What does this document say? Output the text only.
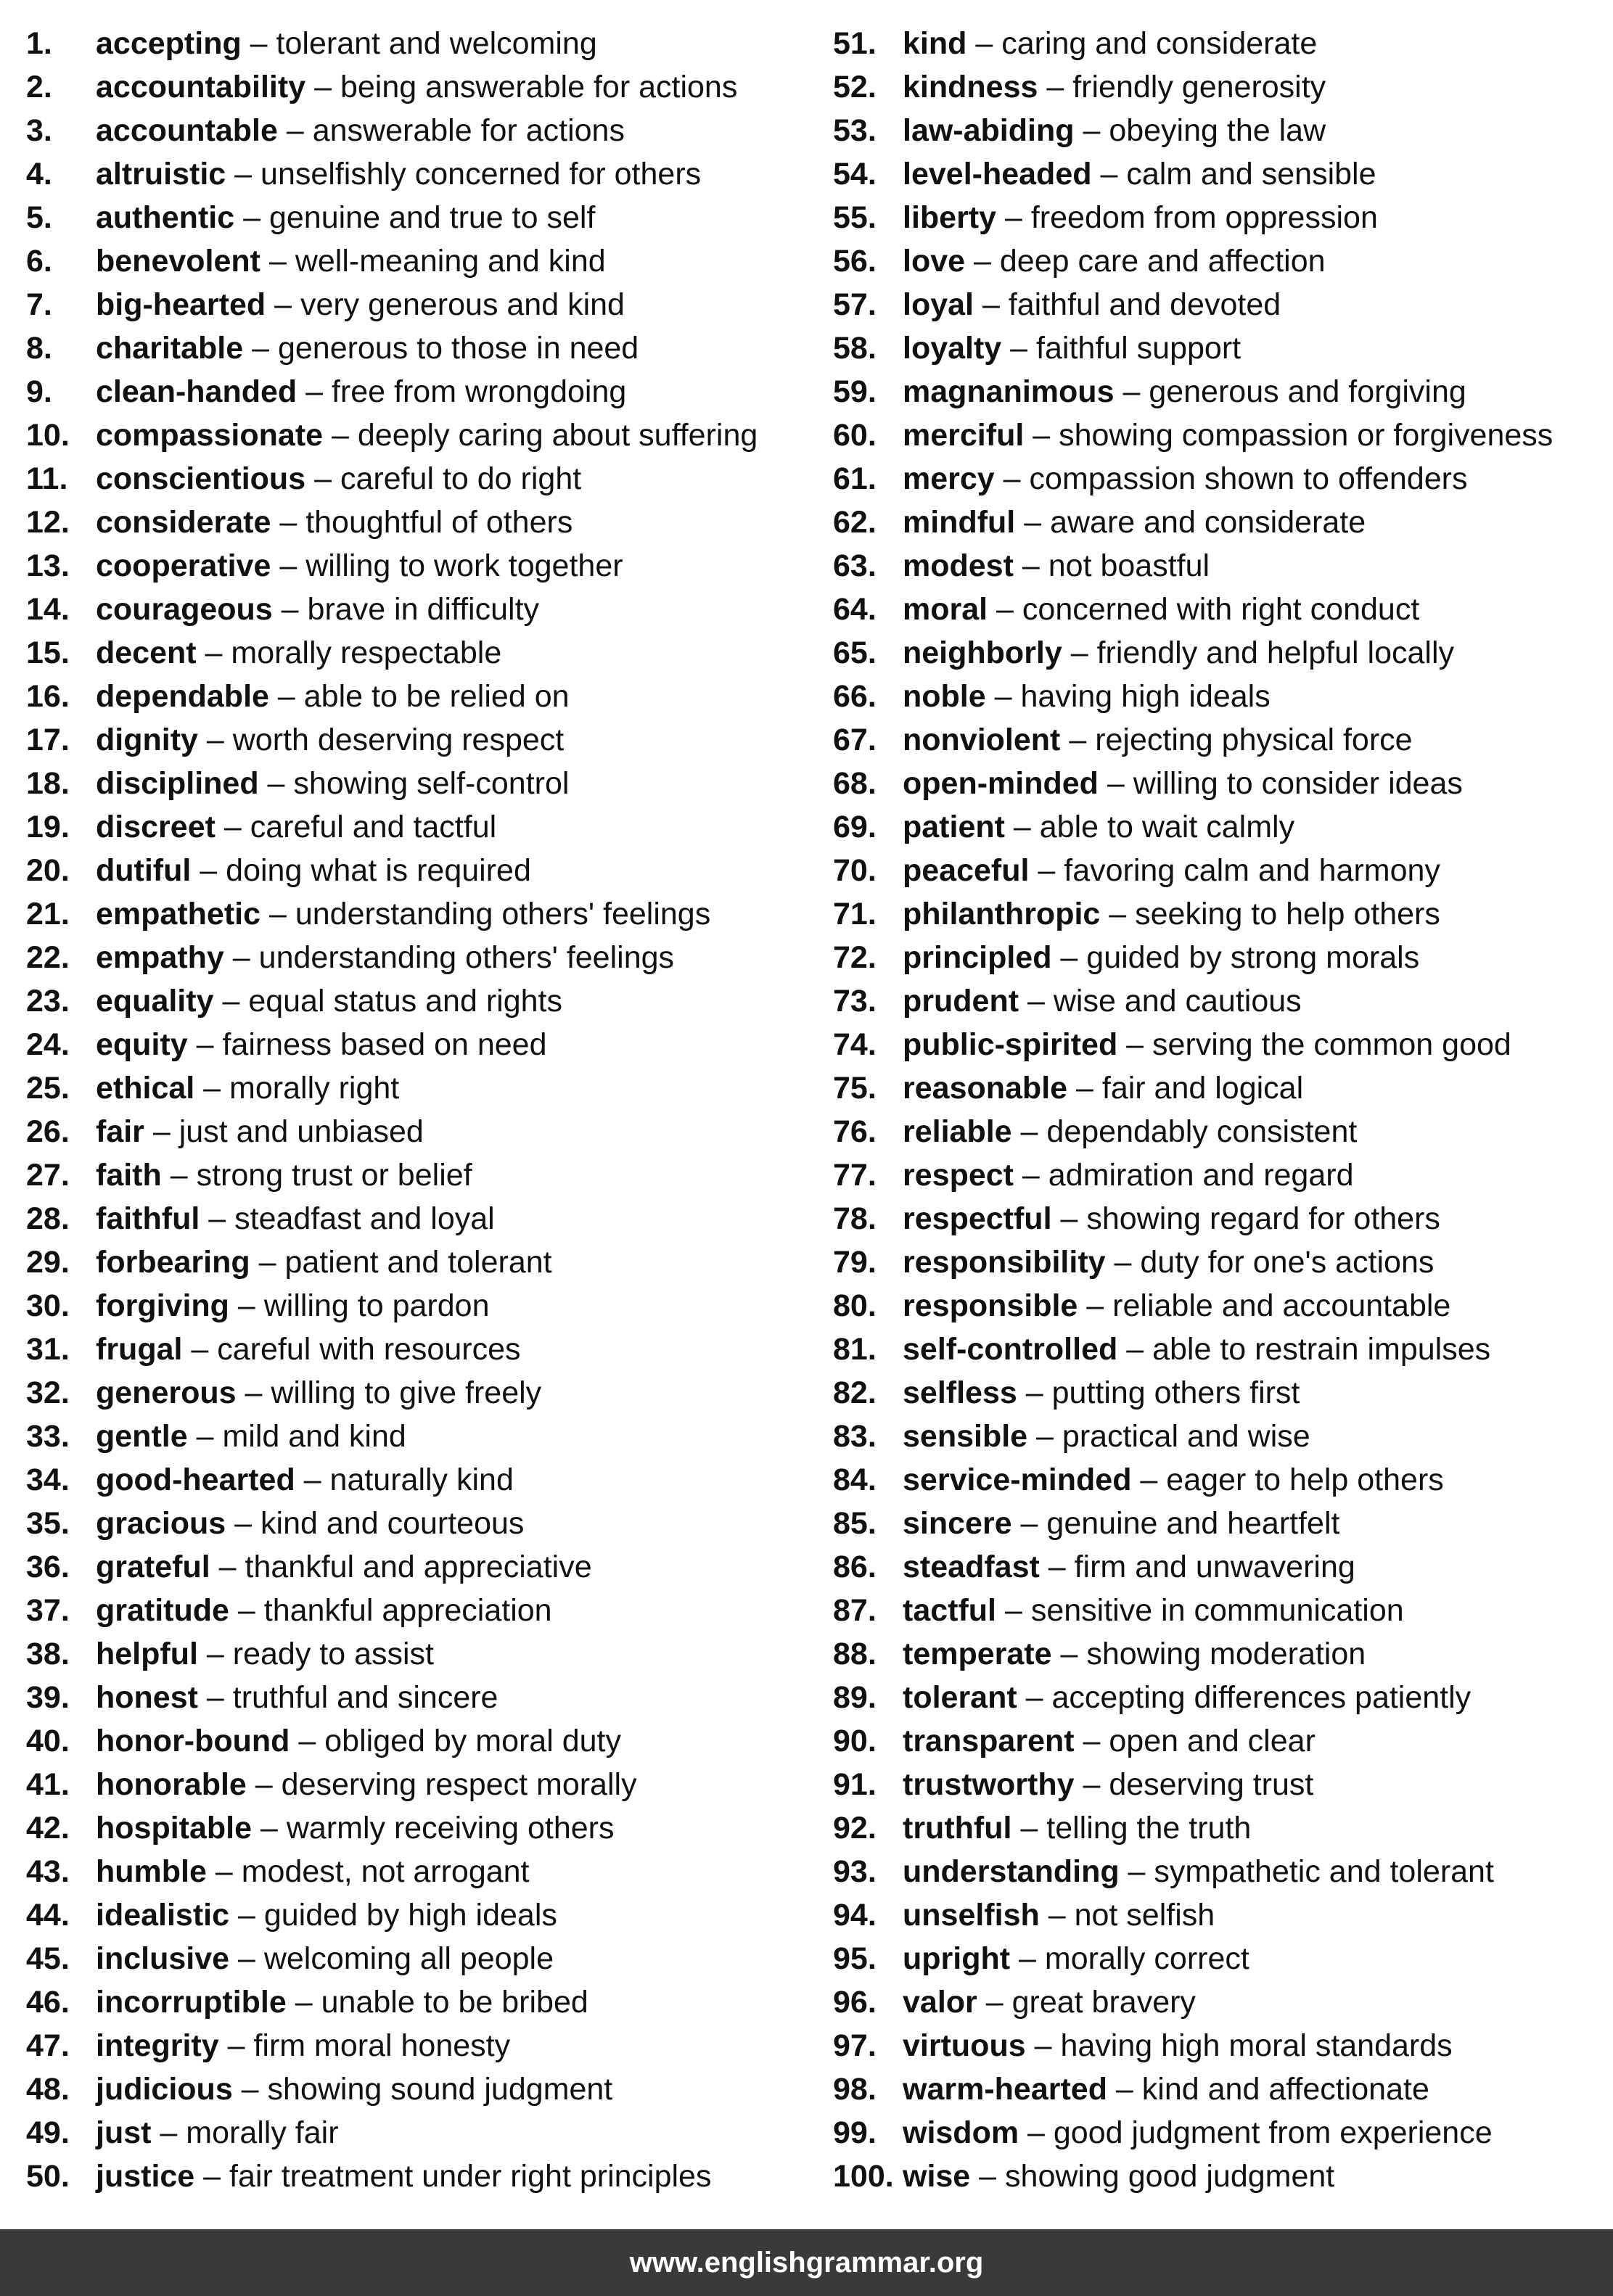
1. accepting – tolerant and welcoming
2. accountability – being answerable for actions
3. accountable – answerable for actions
4. altruistic – unselfishly concerned for others
5. authentic – genuine and true to self
6. benevolent – well-meaning and kind
7. big-hearted – very generous and kind
8. charitable – generous to those in need
9. clean-handed – free from wrongdoing
10. compassionate – deeply caring about suffering
11. conscientious – careful to do right
12. considerate – thoughtful of others
13. cooperative – willing to work together
14. courageous – brave in difficulty
15. decent – morally respectable
16. dependable – able to be relied on
17. dignity – worth deserving respect
18. disciplined – showing self-control
19. discreet – careful and tactful
20. dutiful – doing what is required
21. empathetic – understanding others' feelings
22. empathy – understanding others' feelings
23. equality – equal status and rights
24. equity – fairness based on need
25. ethical – morally right
26. fair – just and unbiased
27. faith – strong trust or belief
28. faithful – steadfast and loyal
29. forbearing – patient and tolerant
30. forgiving – willing to pardon
31. frugal – careful with resources
32. generous – willing to give freely
33. gentle – mild and kind
34. good-hearted – naturally kind
35. gracious – kind and courteous
36. grateful – thankful and appreciative
37. gratitude – thankful appreciation
38. helpful – ready to assist
39. honest – truthful and sincere
40. honor-bound – obliged by moral duty
41. honorable – deserving respect morally
42. hospitable – warmly receiving others
43. humble – modest, not arrogant
44. idealistic – guided by high ideals
45. inclusive – welcoming all people
46. incorruptible – unable to be bribed
47. integrity – firm moral honesty
48. judicious – showing sound judgment
49. just – morally fair
50. justice – fair treatment under right principles
51. kind – caring and considerate
52. kindness – friendly generosity
53. law-abiding – obeying the law
54. level-headed – calm and sensible
55. liberty – freedom from oppression
56. love – deep care and affection
57. loyal – faithful and devoted
58. loyalty – faithful support
59. magnanimous – generous and forgiving
60. merciful – showing compassion or forgiveness
61. mercy – compassion shown to offenders
62. mindful – aware and considerate
63. modest – not boastful
64. moral – concerned with right conduct
65. neighborly – friendly and helpful locally
66. noble – having high ideals
67. nonviolent – rejecting physical force
68. open-minded – willing to consider ideas
69. patient – able to wait calmly
70. peaceful – favoring calm and harmony
71. philanthropic – seeking to help others
72. principled – guided by strong morals
73. prudent – wise and cautious
74. public-spirited – serving the common good
75. reasonable – fair and logical
76. reliable – dependably consistent
77. respect – admiration and regard
78. respectful – showing regard for others
79. responsibility – duty for one's actions
80. responsible – reliable and accountable
81. self-controlled – able to restrain impulses
82. selfless – putting others first
83. sensible – practical and wise
84. service-minded – eager to help others
85. sincere – genuine and heartfelt
86. steadfast – firm and unwavering
87. tactful – sensitive in communication
88. temperate – showing moderation
89. tolerant – accepting differences patiently
90. transparent – open and clear
91. trustworthy – deserving trust
92. truthful – telling the truth
93. understanding – sympathetic and tolerant
94. unselfish – not selfish
95. upright – morally correct
96. valor – great bravery
97. virtuous – having high moral standards
98. warm-hearted – kind and affectionate
99. wisdom – good judgment from experience
100. wise – showing good judgment
www.englishgrammar.org
